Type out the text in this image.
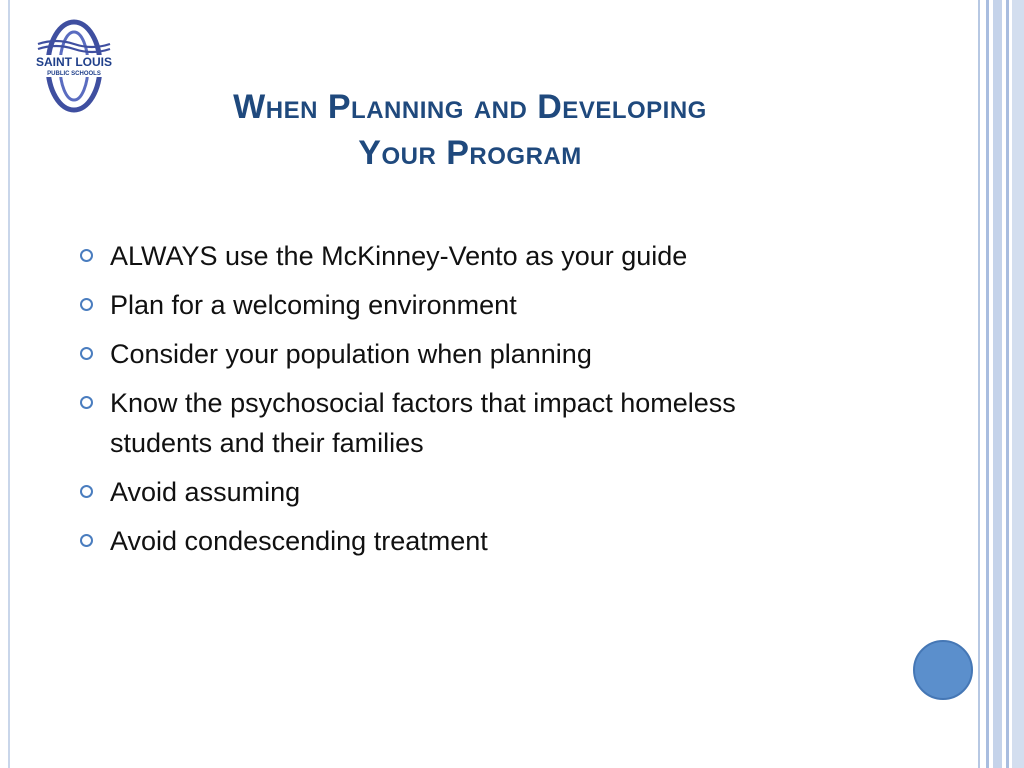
SAINT LOUIS
PUBLIC SCHOOLS
When Planning and Developing
Your Program
ALWAYS use the McKinney-Vento as your guide
Plan for a welcoming environment
Consider your population when planning
Know the psychosocial factors that impact homeless students and their families
Avoid assuming
Avoid condescending treatment
